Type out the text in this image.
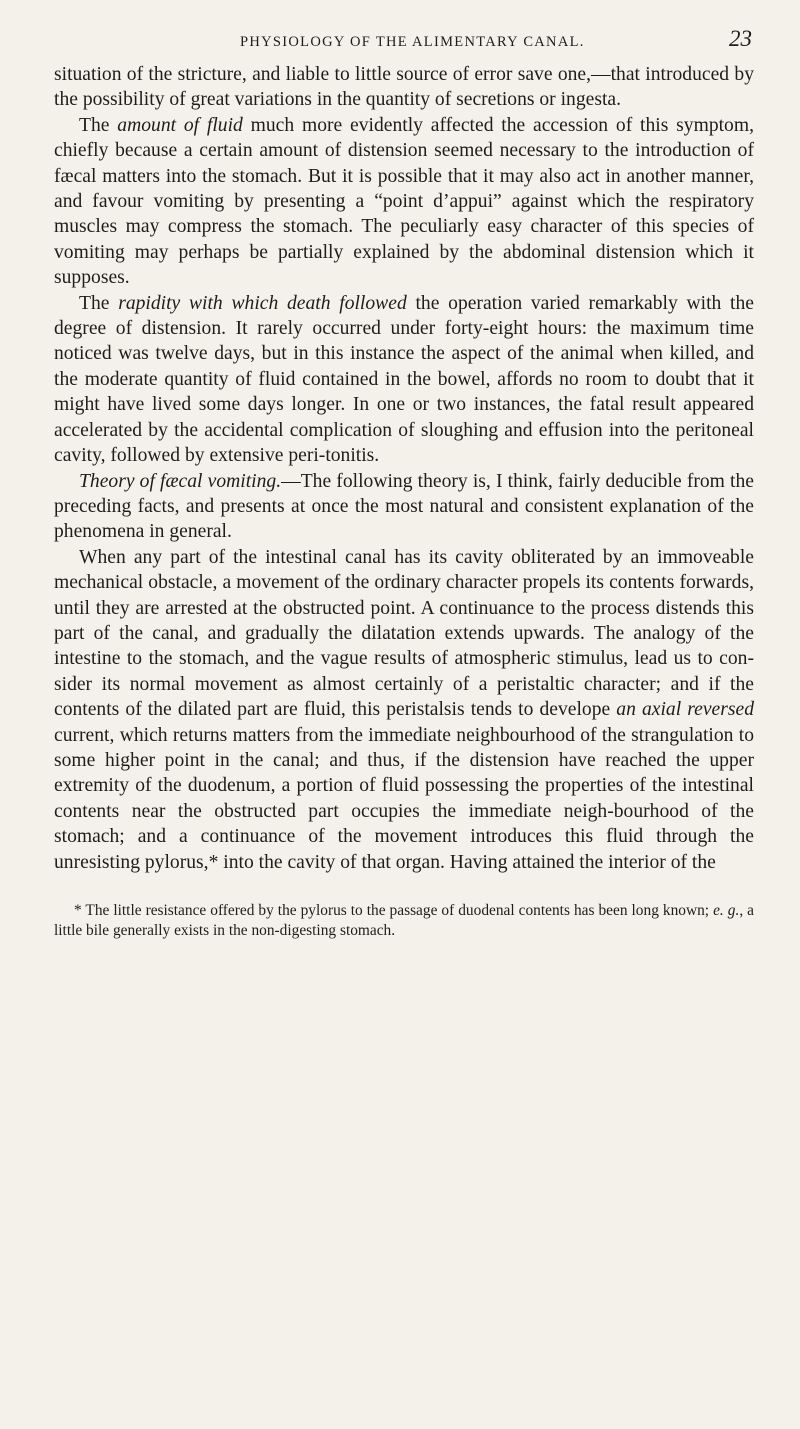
PHYSIOLOGY OF THE ALIMENTARY CANAL.	23

situation of the stricture, and liable to little source of error save one,—that introduced by the possibility of great variations in the quantity of secretions or ingesta.

The amount of fluid much more evidently affected the accession of this symptom, chiefly because a certain amount of distension seemed necessary to the introduction of fæcal matters into the stomach. But it is possible that it may also act in another manner, and favour vomiting by presenting a “point d’appui” against which the respiratory muscles may compress the stomach. The peculiarly easy character of this species of vomiting may perhaps be partially explained by the abdominal distension which it supposes.

The rapidity with which death followed the operation varied remarkably with the degree of distension. It rarely occurred under forty-eight hours: the maximum time noticed was twelve days, but in this instance the aspect of the animal when killed, and the moderate quantity of fluid contained in the bowel, affords no room to doubt that it might have lived some days longer. In one or two instances, the fatal result appeared accelerated by the accidental complication of sloughing and effusion into the peritoneal cavity, followed by extensive peri-tonitis.

Theory of fæcal vomiting.—The following theory is, I think, fairly deducible from the preceding facts, and presents at once the most natural and consistent explanation of the phenomena in general.

When any part of the intestinal canal has its cavity obliterated by an immoveable mechanical obstacle, a movement of the ordinary character propels its contents forwards, until they are arrested at the obstructed point. A continuance to the process distends this part of the canal, and gradually the dilatation extends upwards. The analogy of the intestine to the stomach, and the vague results of atmospheric stimulus, lead us to con-sider its normal movement as almost certainly of a peristaltic character; and if the contents of the dilated part are fluid, this peristalsis tends to develope an axial reversed current, which returns matters from the immediate neighbourhood of the strangulation to some higher point in the canal; and thus, if the distension have reached the upper extremity of the duodenum, a portion of fluid possessing the properties of the intestinal contents near the obstructed part occupies the immediate neigh-bourhood of the stomach; and a continuance of the movement introduces this fluid through the unresisting pylorus,* into the cavity of that organ. Having attained the interior of the

* The little resistance offered by the pylorus to the passage of duodenal contents has been long known; e. g., a little bile generally exists in the non-digesting stomach.
